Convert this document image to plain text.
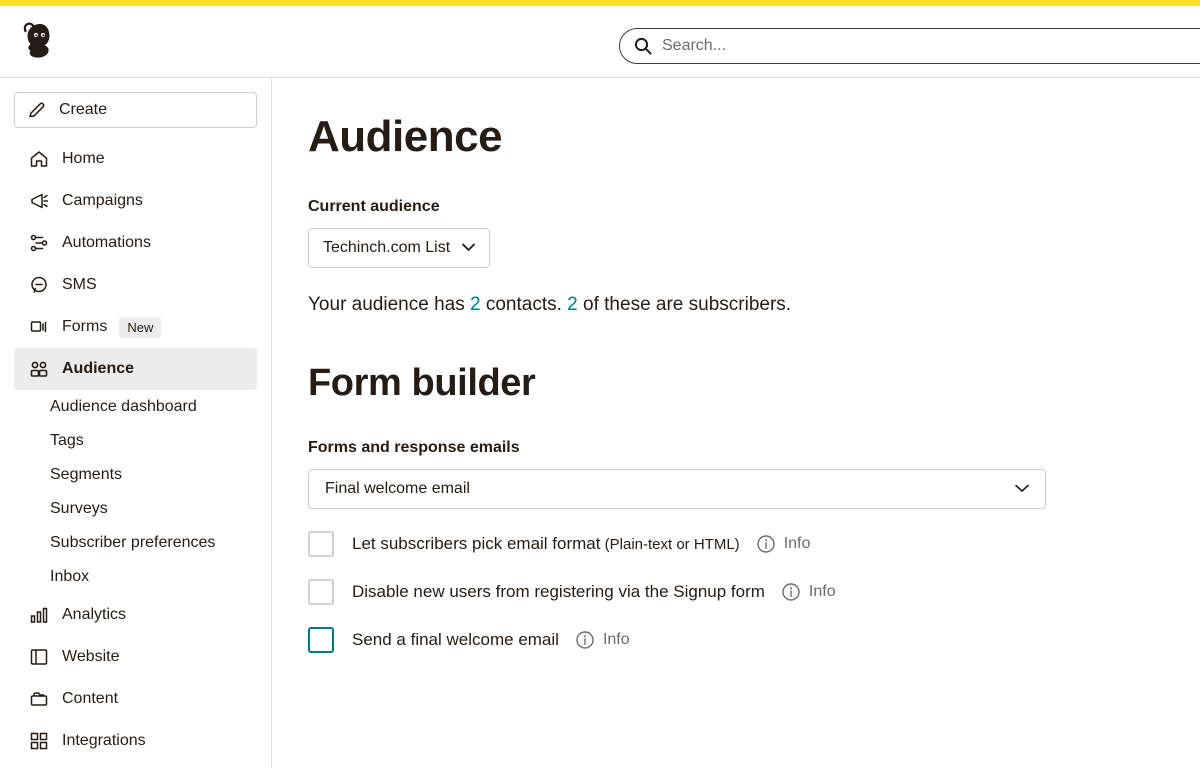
Search...
Create
Home
Campaigns
Automations
SMS
Forms	New
Audience
Audience dashboard
Tags
Segments
Surveys
Subscriber preferences
Inbox
Analytics
Website
Content
Integrations
Audience
Current audience
Techinch.com List
Your audience has 2 contacts. 2 of these are subscribers.
Form builder
Forms and response emails
Final welcome email
Let subscribers pick email format (Plain-text or HTML)	Info
Disable new users from registering via the Signup form	Info
Send a final welcome email	Info
